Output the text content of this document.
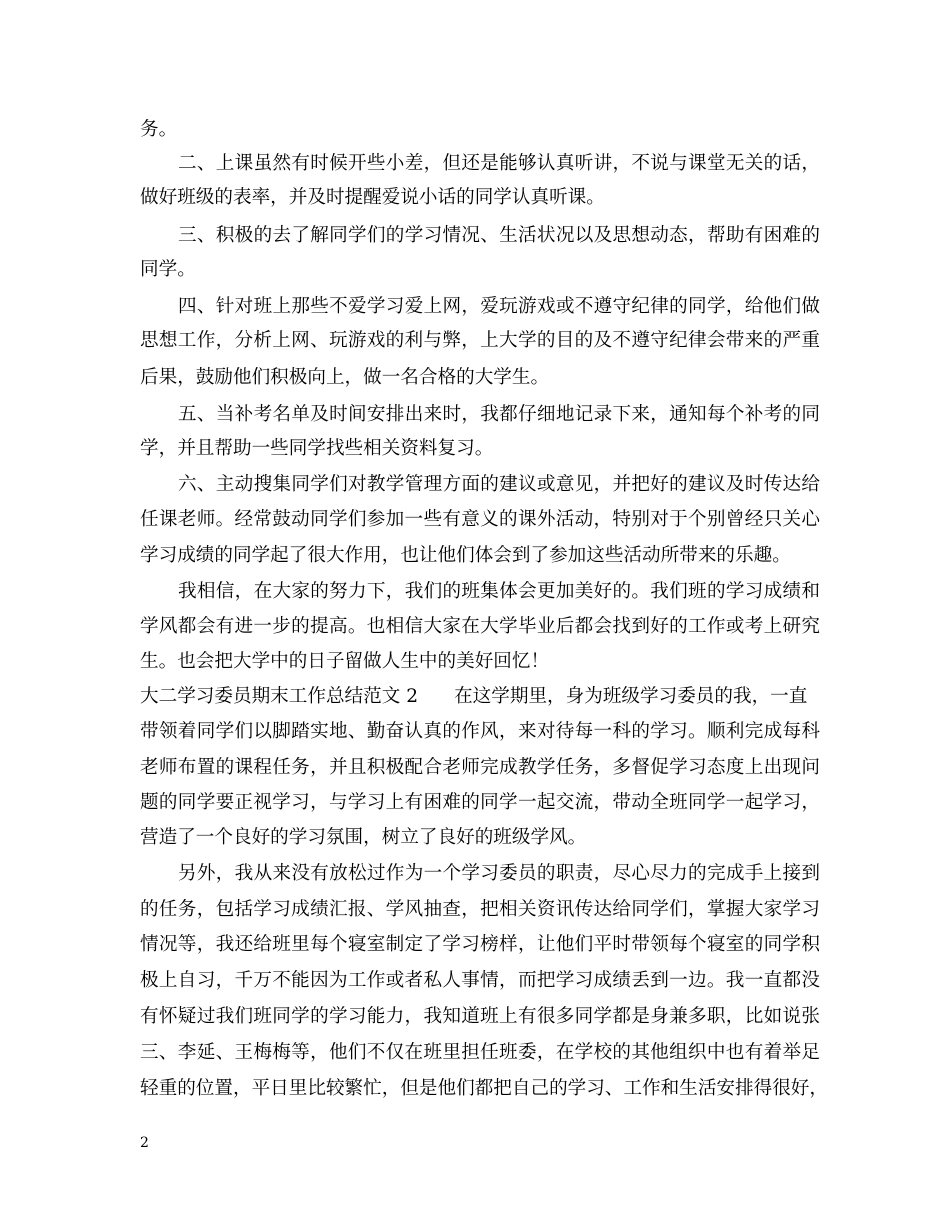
务。
二、上课虽然有时候开些小差，但还是能够认真听讲，不说与课堂无关的话，
做好班级的表率，并及时提醒爱说小话的同学认真听课。
三、积极的去了解同学们的学习情况、生活状况以及思想动态，帮助有困难的
同学。
四、针对班上那些不爱学习爱上网，爱玩游戏或不遵守纪律的同学，给他们做
思想工作，分析上网、玩游戏的利与弊，上大学的目的及不遵守纪律会带来的严重
后果，鼓励他们积极向上，做一名合格的大学生。
五、当补考名单及时间安排出来时，我都仔细地记录下来，通知每个补考的同
学，并且帮助一些同学找些相关资料复习。
六、主动搜集同学们对教学管理方面的建议或意见，并把好的建议及时传达给
任课老师。经常鼓动同学们参加一些有意义的课外活动，特别对于个别曾经只关心
学习成绩的同学起了很大作用，也让他们体会到了参加这些活动所带来的乐趣。
我相信，在大家的努力下，我们的班集体会更加美好的。我们班的学习成绩和
学风都会有进一步的提高。也相信大家在大学毕业后都会找到好的工作或考上研究
生。也会把大学中的日子留做人生中的美好回忆！
大二学习委员期末工作总结范文 2 在这学期里，身为班级学习委员的我，一直
带领着同学们以脚踏实地、勤奋认真的作风，来对待每一科的学习。顺利完成每科
老师布置的课程任务，并且积极配合老师完成教学任务，多督促学习态度上出现问
题的同学要正视学习，与学习上有困难的同学一起交流，带动全班同学一起学习，
营造了一个良好的学习氛围，树立了良好的班级学风。
另外，我从来没有放松过作为一个学习委员的职责，尽心尽力的完成手上接到
的任务，包括学习成绩汇报、学风抽查，把相关资讯传达给同学们，掌握大家学习
情况等，我还给班里每个寝室制定了学习榜样，让他们平时带领每个寝室的同学积
极上自习，千万不能因为工作或者私人事情，而把学习成绩丢到一边。我一直都没
有怀疑过我们班同学的学习能力，我知道班上有很多同学都是身兼多职，比如说张
三、李延、王梅梅等，他们不仅在班里担任班委，在学校的其他组织中也有着举足
轻重的位置，平日里比较繁忙，但是他们都把自己的学习、工作和生活安排得很好，
2
